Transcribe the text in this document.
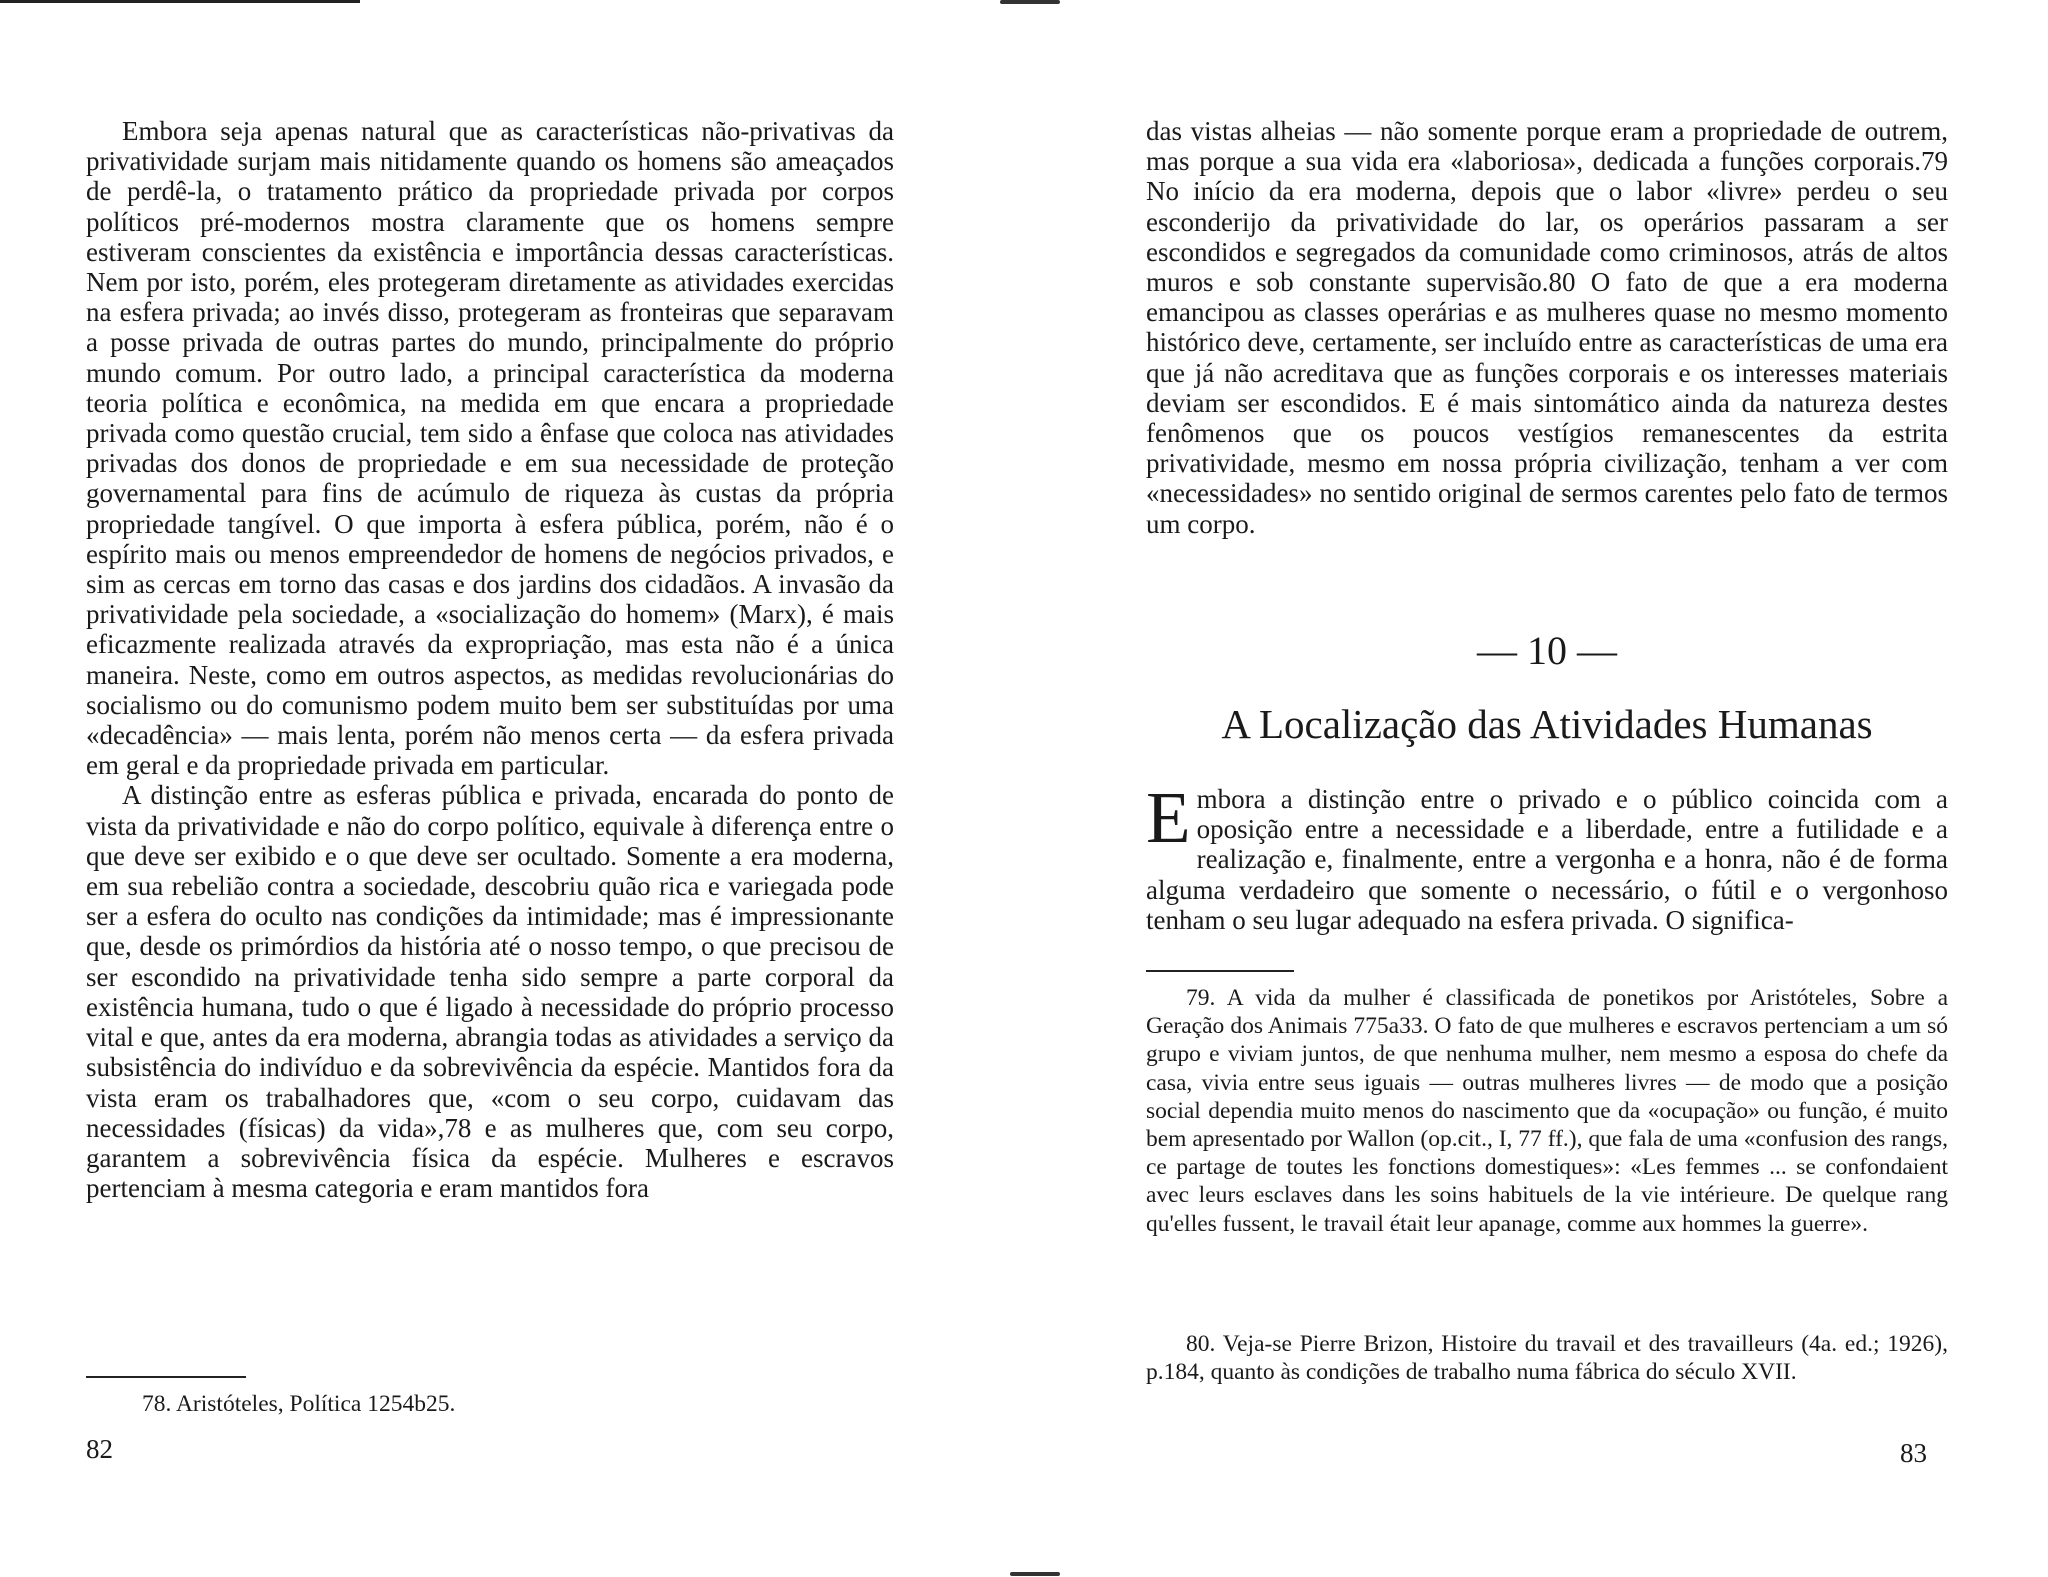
Embora seja apenas natural que as características não-privativas da privatividade surjam mais nitidamente quando os homens são ameaçados de perdê-la, o tratamento prático da propriedade privada por corpos políticos pré-modernos mostra claramente que os homens sempre estiveram conscientes da existência e importância dessas características. Nem por isto, porém, eles protegeram diretamente as atividades exercidas na esfera privada; ao invés disso, protegeram as fronteiras que separavam a posse privada de outras partes do mundo, principalmente do próprio mundo comum. Por outro lado, a principal característica da moderna teoria política e econômica, na medida em que encara a propriedade privada como questão crucial, tem sido a ênfase que coloca nas atividades privadas dos donos de propriedade e em sua necessidade de proteção governamental para fins de acúmulo de riqueza às custas da própria propriedade tangível. O que importa à esfera pública, porém, não é o espírito mais ou menos empreendedor de homens de negócios privados, e sim as cercas em torno das casas e dos jardins dos cidadãos. A invasão da privatividade pela sociedade, a «socialização do homem» (Marx), é mais eficazmente realizada através da expropriação, mas esta não é a única maneira. Neste, como em outros aspectos, as medidas revolucionárias do socialismo ou do comunismo podem muito bem ser substituídas por uma «decadência» — mais lenta, porém não menos certa — da esfera privada em geral e da propriedade privada em particular.

A distinção entre as esferas pública e privada, encarada do ponto de vista da privatividade e não do corpo político, equivale à diferença entre o que deve ser exibido e o que deve ser ocultado. Somente a era moderna, em sua rebelião contra a sociedade, descobriu quão rica e variegada pode ser a esfera do oculto nas condições da intimidade; mas é impressionante que, desde os primórdios da história até o nosso tempo, o que precisou de ser escondido na privatividade tenha sido sempre a parte corporal da existência humana, tudo o que é ligado à necessidade do próprio processo vital e que, antes da era moderna, abrangia todas as atividades a serviço da subsistência do indivíduo e da sobrevivência da espécie. Mantidos fora da vista eram os trabalhadores que, «com o seu corpo, cuidavam das necessidades (físicas) da vida»,78 e as mulheres que, com seu corpo, garantem a sobrevivência física da espécie. Mulheres e escravos pertenciam à mesma categoria e eram mantidos fora

78. Aristóteles, Política 1254b25.
82

das vistas alheias — não somente porque eram a propriedade de outrem, mas porque a sua vida era «laboriosa», dedicada a funções corporais.79 No início da era moderna, depois que o labor «livre» perdeu o seu esconderijo da privatividade do lar, os operários passaram a ser escondidos e segregados da comunidade como criminosos, atrás de altos muros e sob constante supervisão.80 O fato de que a era moderna emancipou as classes operárias e as mulheres quase no mesmo momento histórico deve, certamente, ser incluído entre as características de uma era que já não acreditava que as funções corporais e os interesses materiais deviam ser escondidos. E é mais sintomático ainda da natureza destes fenômenos que os poucos vestígios remanescentes da estrita privatividade, mesmo em nossa própria civilização, tenham a ver com «necessidades» no sentido original de sermos carentes pelo fato de termos um corpo.

— 10 —
A Localização das Atividades Humanas
E mbora a distinção entre o privado e o público coincida com a oposição entre a necessidade e a liberdade, entre a futilidade e a realização e, finalmente, entre a vergonha e a honra, não é de forma alguma verdadeiro que somente o necessário, o fútil e o vergonhoso tenham o seu lugar adequado na esfera privada. O significa-
79. A vida da mulher é classificada de ponetikos por Aristóteles, Sobre a Geração dos Animais 775a33. O fato de que mulheres e escravos pertenciam a um só grupo e viviam juntos, de que nenhuma mulher, nem mesmo a esposa do chefe da casa, vivia entre seus iguais — outras mulheres livres — de modo que a posição social dependia muito menos do nascimento que da «ocupação» ou função, é muito bem apresentado por Wallon (op.cit., I, 77 ff.), que fala de uma «confusion des rangs, ce partage de toutes les fonctions domestiques»: «Les femmes ... se confondaient avec leurs esclaves dans les soins habituels de la vie intérieure. De quelque rang qu'elles fussent, le travail était leur apanage, comme aux hommes la guerre».
80. Veja-se Pierre Brizon, Histoire du travail et des travailleurs (4a. ed.; 1926), p.184, quanto às condições de trabalho numa fábrica do século XVII.
83
